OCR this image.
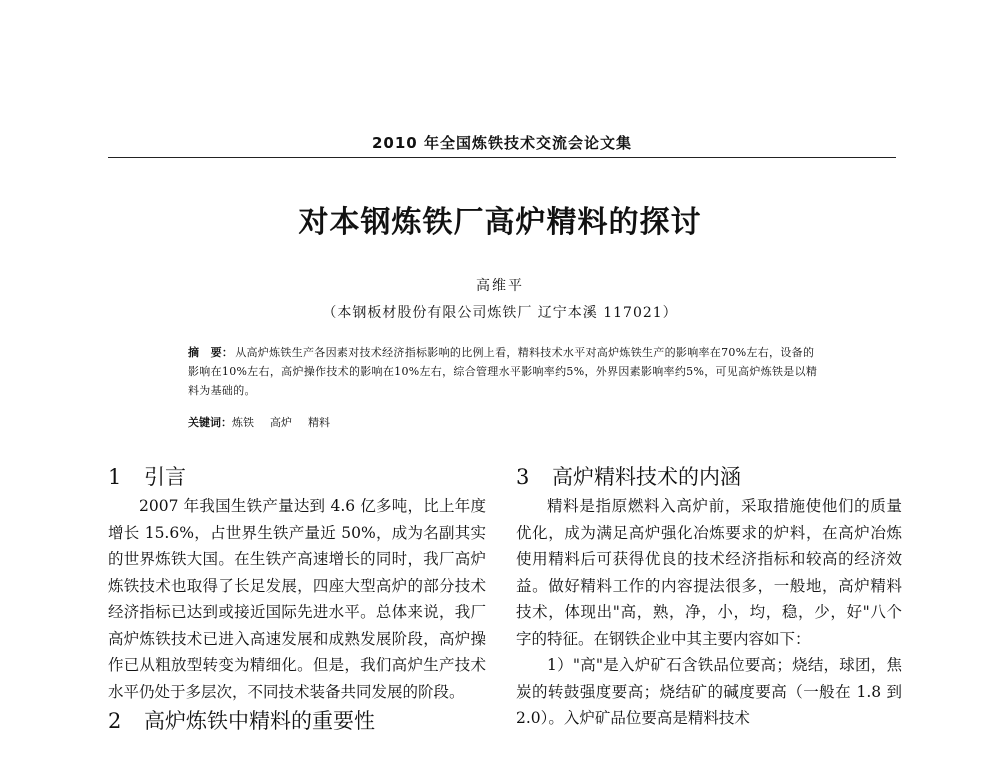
2010 年全国炼铁技术交流会论文集
对本钢炼铁厂高炉精料的探讨
高维平
（本钢板材股份有限公司炼铁厂 辽宁本溪 117021）
摘　要： 从高炉炼铁生产各因素对技术经济指标影响的比例上看，精料技术水平对高炉炼铁生产的影响率在70%左右，设备的影响在10%左右，高炉操作技术的影响在10%左右，综合管理水平影响率约5%，外界因素影响率约5%，可见高炉炼铁是以精料为基础的。
关键词：炼铁 高炉 精料
1 引言

2007 年我国生铁产量达到 4.6 亿多吨，比上年度增长 15.6%，占世界生铁产量近 50%，成为名副其实的世界炼铁大国。在生铁产高速增长的同时，我厂高炉炼铁技术也取得了长足发展，四座大型高炉的部分技术经济指标已达到或接近国际先进水平。总体来说，我厂高炉炼铁技术已进入高速发展和成熟发展阶段，高炉操作已从粗放型转变为精细化。但是，我们高炉生产技术水平仍处于多层次，不同技术装备共同发展的阶段。

2 高炉炼铁中精料的重要性
3 高炉精料技术的内涵

精料是指原燃料入高炉前，采取措施使他们的质量优化，成为满足高炉强化冶炼要求的炉料，在高炉冶炼使用精料后可获得优良的技术经济指标和较高的经济效益。做好精料工作的内容提法很多，一般地，高炉精料技术，体现出"高，熟，净，小，均，稳，少，好"八个字的特征。在钢铁企业中其主要内容如下：

1）"高"是入炉矿石含铁品位要高；烧结，球团，焦炭的转鼓强度要高；烧结矿的碱度要高（一般在 1.8 到 2.0）。入炉矿品位要高是精料技术
